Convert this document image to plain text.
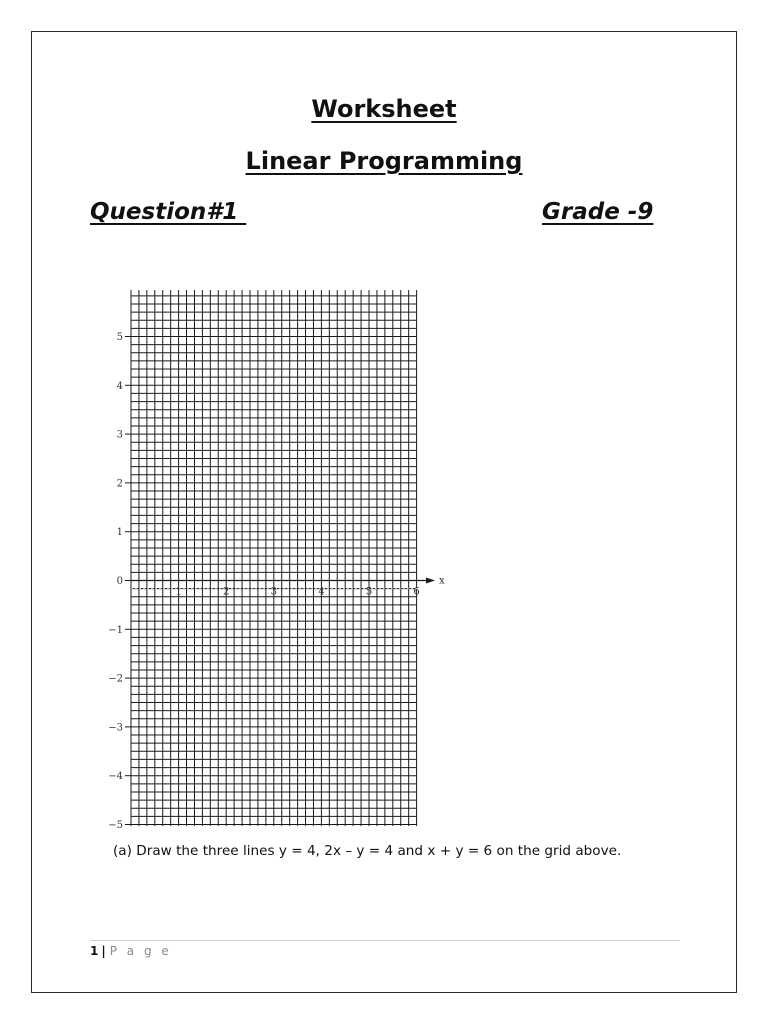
Worksheet
Linear Programming
Question#1	Grade -9
x
5
4
3
2
1
0
−1
−2
−3
−4
−5
1	2	3	4	5	6
(a) Draw the three lines y = 4, 2x – y = 4 and x + y = 6 on the grid above.
1 | P a g e
